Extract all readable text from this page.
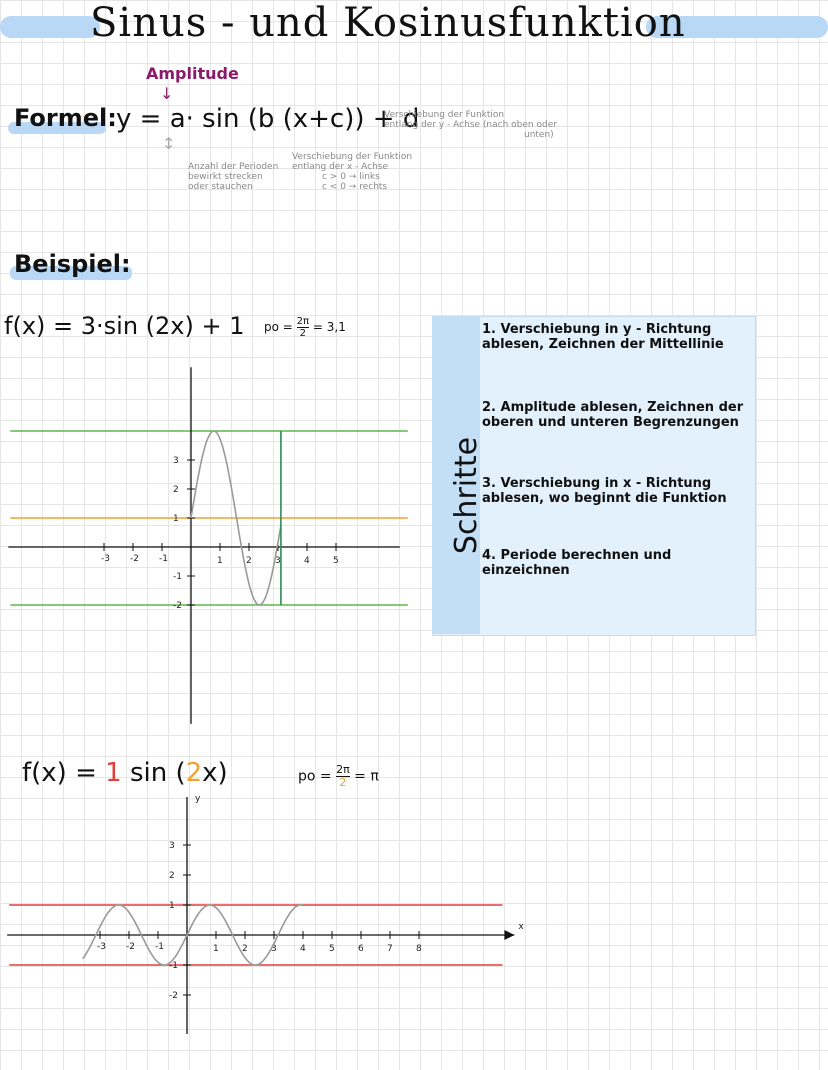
Sinus - und Kosinusfunktion
Formel:
Amplitude
↓
y = a· sin (b (x+c)) + d
Verschiebung der Funktion
entlang der y - Achse (nach oben oder
unten)
↕
Anzahl der Perioden
bewirkt strecken
oder stauchen
Verschiebung der Funktion
entlang der x - Achse
c > 0 → links
c < 0 → rechts
Beispiel:
f(x) = 3·sin (2x) + 1 po = $\frac{2\pi}{2} = 3,1$
f(x) = 1 sin (2x)	po = $\frac{2\pi}{2} = \pi$
Schritte
1. Verschiebung in y - Richtung ablesen, Zeichnen der Mittellinie
2. Amplitude ablesen, Zeichnen der oberen und unteren Begrenzungen
3. Verschiebung in x - Richtung ablesen, wo beginnt die Funktion
4. Periode berechnen und einzeichnen
-3 -2 -1	1	2	3	4	5
3
2
1
-1
-2
x
y
-3 -2 -1	1	2	3	4	5	6	7	8
3
2
1
-1
-2
